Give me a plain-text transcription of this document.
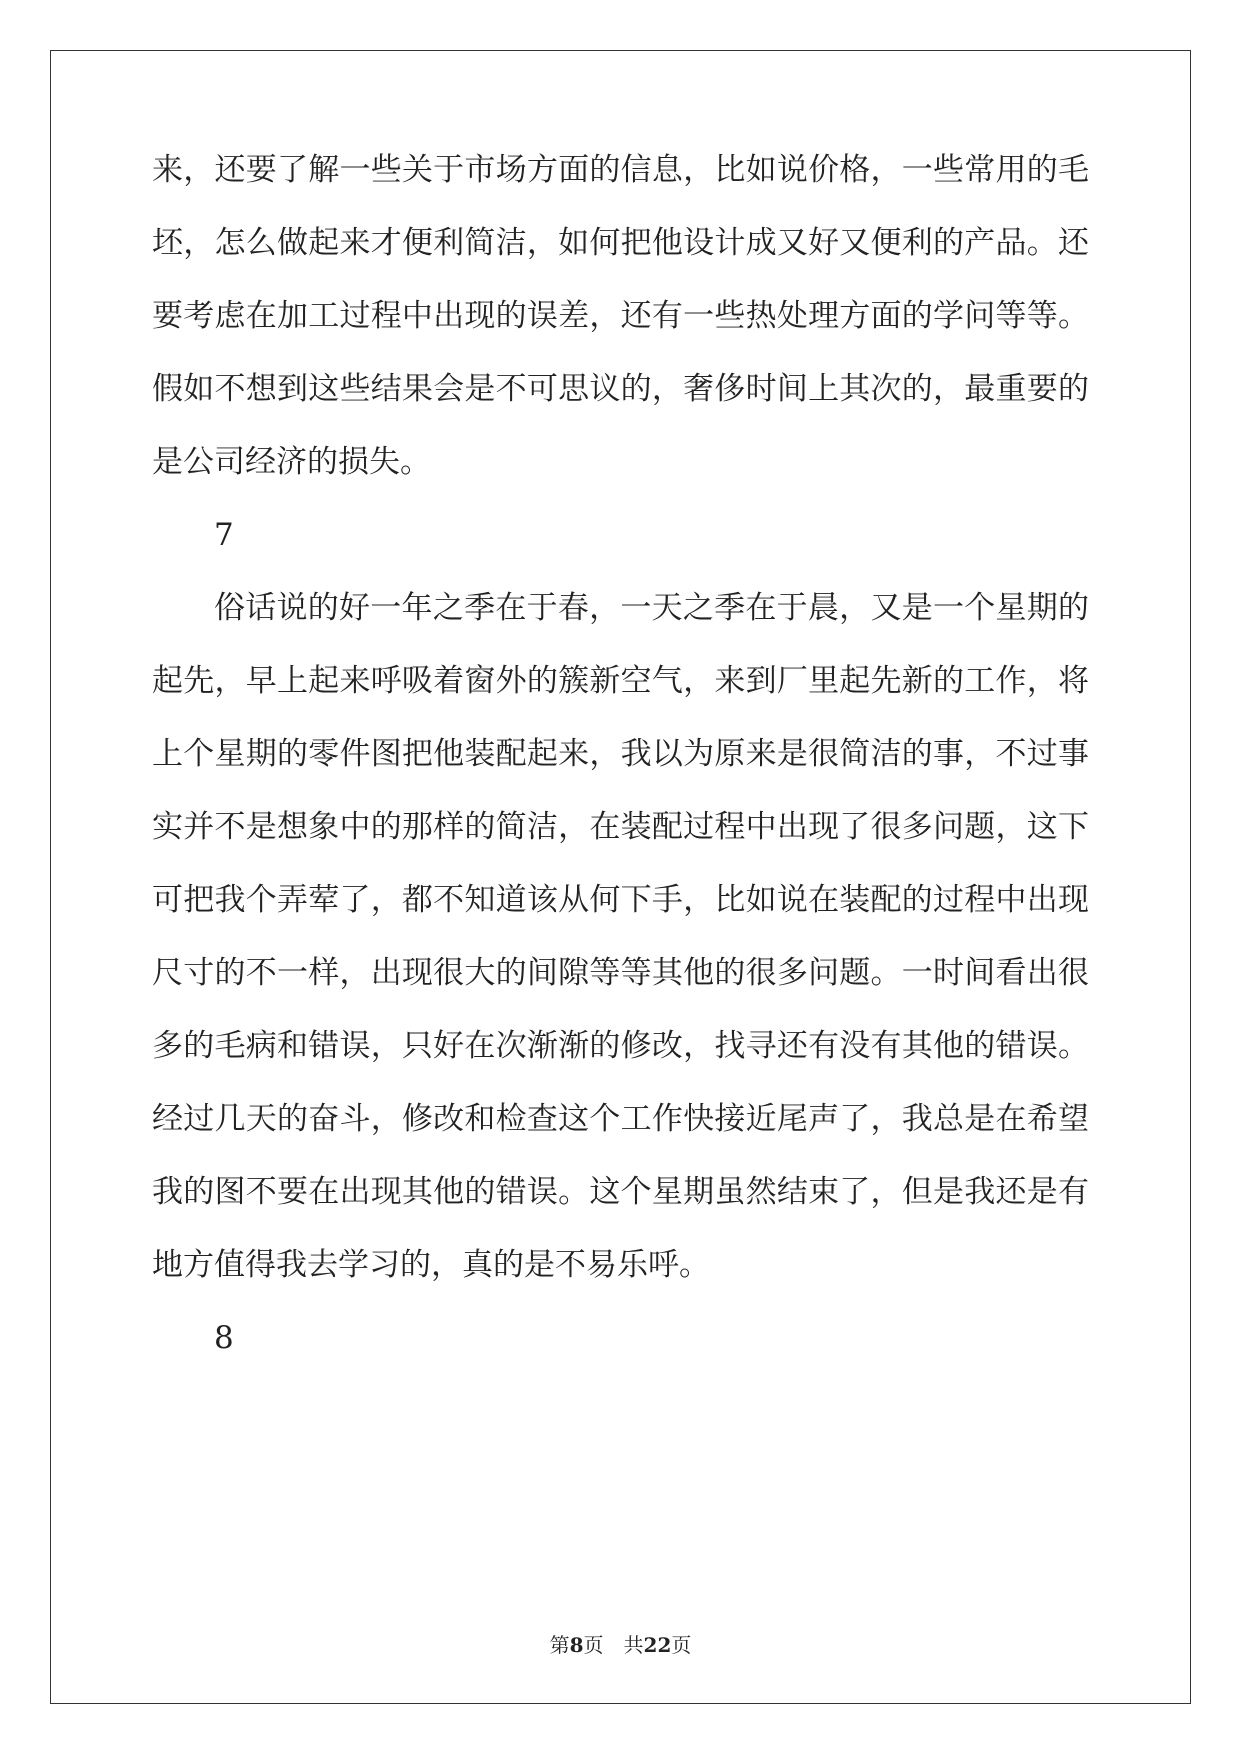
来，还要了解一些关于市场方面的信息，比如说价格，一些常用的毛
坯，怎么做起来才便利简洁，如何把他设计成又好又便利的产品。还
要考虑在加工过程中出现的误差，还有一些热处理方面的学问等等。
假如不想到这些结果会是不可思议的，奢侈时间上其次的，最重要的
是公司经济的损失。
7
俗话说的好一年之季在于春，一天之季在于晨，又是一个星期的
起先，早上起来呼吸着窗外的簇新空气，来到厂里起先新的工作，将
上个星期的零件图把他装配起来，我以为原来是很简洁的事，不过事
实并不是想象中的那样的简洁，在装配过程中出现了很多问题，这下
可把我个弄荤了，都不知道该从何下手，比如说在装配的过程中出现
尺寸的不一样，出现很大的间隙等等其他的很多问题。一时间看出很
多的毛病和错误，只好在次渐渐的修改，找寻还有没有其他的错误。
经过几天的奋斗，修改和检查这个工作快接近尾声了，我总是在希望
我的图不要在出现其他的错误。这个星期虽然结束了，但是我还是有
地方值得我去学习的，真的是不易乐呼。
8
第8页　共22页
